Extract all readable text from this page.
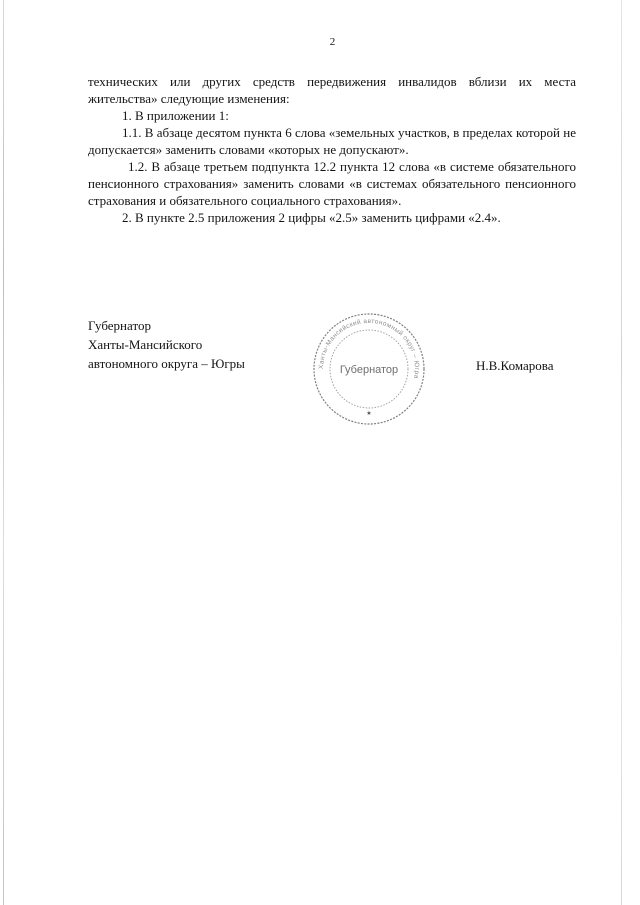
2

технических или других средств передвижения инвалидов вблизи их места жительства» следующие изменения:

1. В приложении 1:

1.1. В абзаце десятом пункта 6 слова «земельных участков, в пределах которой не допускается» заменить словами «которых не допускают».

1.2. В абзаце третьем подпункта 12.2 пункта 12 слова «в системе обязательного пенсионного страхования» заменить словами «в системах обязательного пенсионного страхования и обязательного социального страхования».

2. В пункте 2.5 приложения 2 цифры «2.5» заменить цифрами «2.4».

Губернатор
Ханты-Мансийского
автономного округа – Югры	Ханты-Мансийский автономный округ – Югра
Губернатор
★
Н.В.Комарова
